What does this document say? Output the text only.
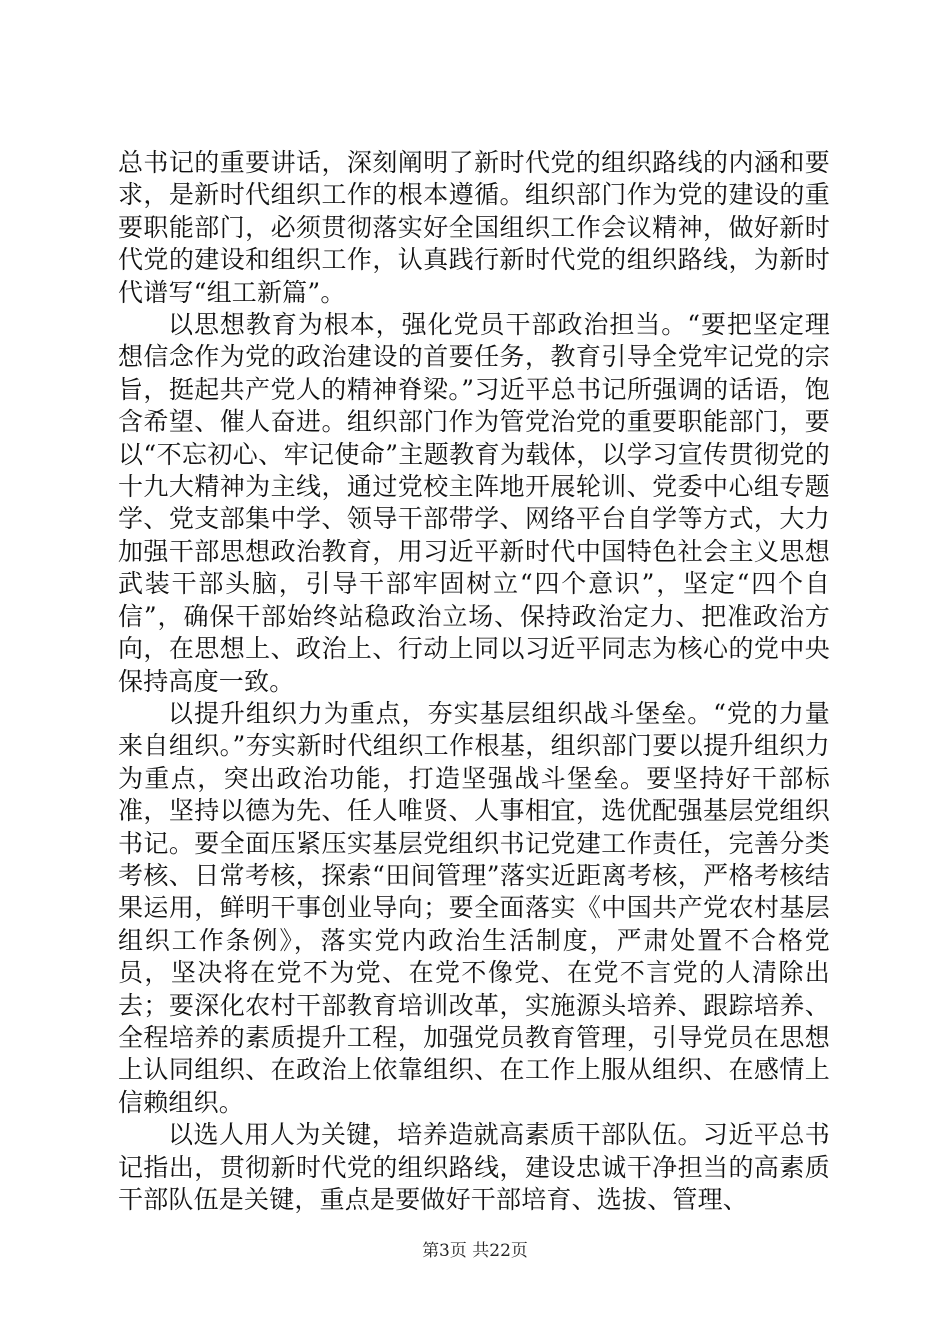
总书记的重要讲话，深刻阐明了新时代党的组织路线的内涵和要求，是新时代组织工作的根本遵循。组织部门作为党的建设的重要职能部门，必须贯彻落实好全国组织工作会议精神，做好新时代党的建设和组织工作，认真践行新时代党的组织路线，为新时代谱写“组工新篇”。

以思想教育为根本，强化党员干部政治担当。“要把坚定理想信念作为党的政治建设的首要任务，教育引导全党牢记党的宗旨，挺起共产党人的精神脊梁。”习近平总书记所强调的话语，饱含希望、催人奋进。组织部门作为管党治党的重要职能部门，要以“不忘初心、牢记使命”主题教育为载体，以学习宣传贯彻党的十九大精神为主线，通过党校主阵地开展轮训、党委中心组专题学、党支部集中学、领导干部带学、网络平台自学等方式，大力加强干部思想政治教育，用习近平新时代中国特色社会主义思想武装干部头脑，引导干部牢固树立“四个意识”，坚定“四个自信”，确保干部始终站稳政治立场、保持政治定力、把准政治方向，在思想上、政治上、行动上同以习近平同志为核心的党中央保持高度一致。

以提升组织力为重点，夯实基层组织战斗堡垒。“党的力量来自组织。”夯实新时代组织工作根基，组织部门要以提升组织力为重点，突出政治功能，打造坚强战斗堡垒。要坚持好干部标准，坚持以德为先、任人唯贤、人事相宜，选优配强基层党组织书记。要全面压紧压实基层党组织书记党建工作责任，完善分类考核、日常考核，探索“田间管理”落实近距离考核，严格考核结果运用，鲜明干事创业导向；要全面落实《中国共产党农村基层组织工作条例》，落实党内政治生活制度，严肃处置不合格党员，坚决将在党不为党、在党不像党、在党不言党的人清除出去；要深化农村干部教育培训改革，实施源头培养、跟踪培养、全程培养的素质提升工程，加强党员教育管理，引导党员在思想上认同组织、在政治上依靠组织、在工作上服从组织、在感情上信赖组织。

以选人用人为关键，培养造就高素质干部队伍。习近平总书记指出，贯彻新时代党的组织路线，建设忠诚干净担当的高素质干部队伍是关键，重点是要做好干部培育、选拔、管理、

第3页 共22页
